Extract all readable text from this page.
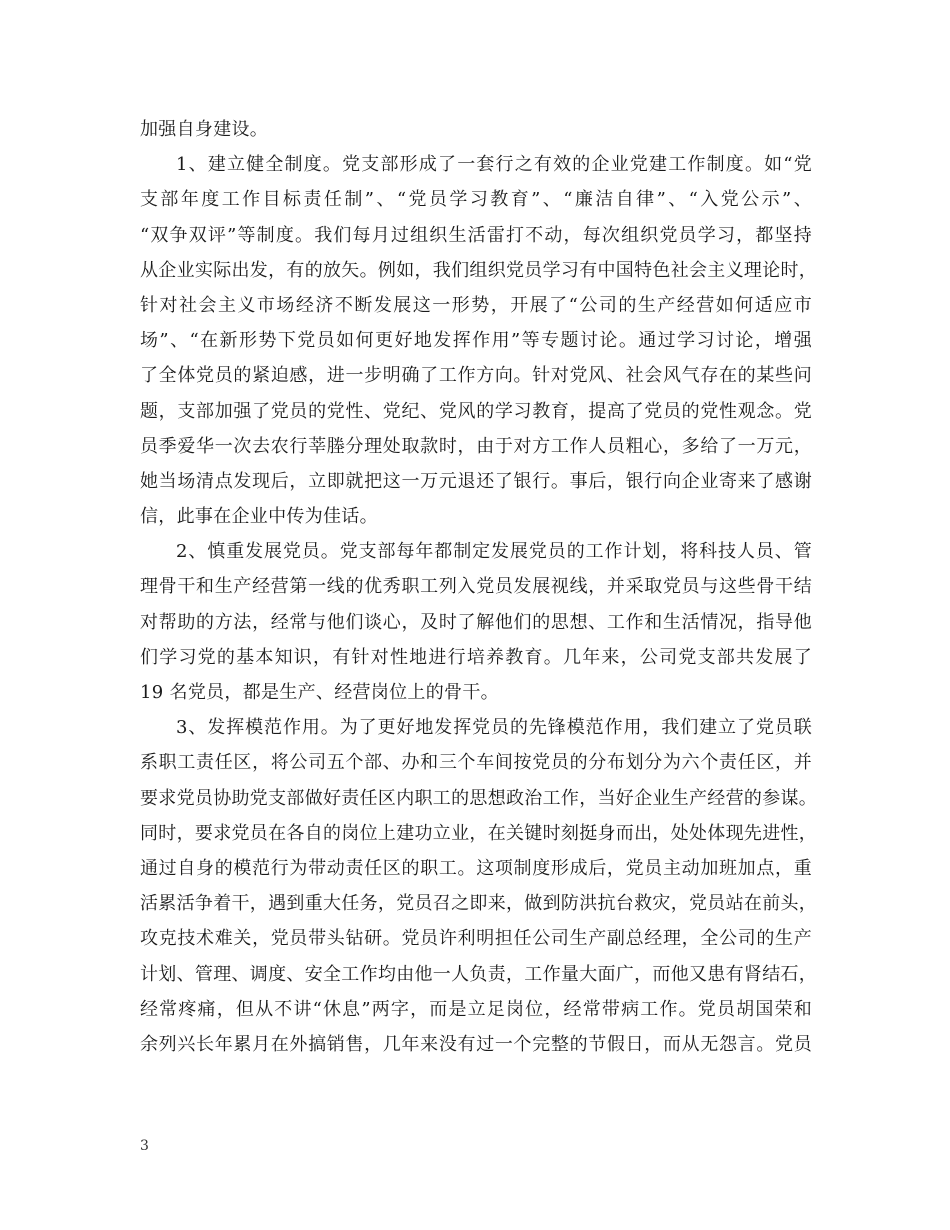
加强自身建设。
1、建立健全制度。党支部形成了一套行之有效的企业党建工作制度。如“党
支部年度工作目标责任制”、“党员学习教育”、“廉洁自律”、“入党公示”、
“双争双评”等制度。我们每月过组织生活雷打不动，每次组织党员学习，都坚持
从企业实际出发，有的放矢。例如，我们组织党员学习有中国特色社会主义理论时，
针对社会主义市场经济不断发展这一形势，开展了“公司的生产经营如何适应市
场”、“在新形势下党员如何更好地发挥作用”等专题讨论。通过学习讨论，增强
了全体党员的紧迫感，进一步明确了工作方向。针对党风、社会风气存在的某些问
题，支部加强了党员的党性、党纪、党风的学习教育，提高了党员的党性观念。党
员季爱华一次去农行莘塍分理处取款时，由于对方工作人员粗心，多给了一万元，
她当场清点发现后，立即就把这一万元退还了银行。事后，银行向企业寄来了感谢
信，此事在企业中传为佳话。
2、慎重发展党员。党支部每年都制定发展党员的工作计划，将科技人员、管
理骨干和生产经营第一线的优秀职工列入党员发展视线，并采取党员与这些骨干结
对帮助的方法，经常与他们谈心，及时了解他们的思想、工作和生活情况，指导他
们学习党的基本知识，有针对性地进行培养教育。几年来，公司党支部共发展了
19 名党员，都是生产、经营岗位上的骨干。
3、发挥模范作用。为了更好地发挥党员的先锋模范作用，我们建立了党员联
系职工责任区，将公司五个部、办和三个车间按党员的分布划分为六个责任区，并
要求党员协助党支部做好责任区内职工的思想政治工作，当好企业生产经营的参谋。
同时，要求党员在各自的岗位上建功立业，在关键时刻挺身而出，处处体现先进性，
通过自身的模范行为带动责任区的职工。这项制度形成后，党员主动加班加点，重
活累活争着干，遇到重大任务，党员召之即来，做到防洪抗台救灾，党员站在前头，
攻克技术难关，党员带头钻研。党员许利明担任公司生产副总经理，全公司的生产
计划、管理、调度、安全工作均由他一人负责，工作量大面广，而他又患有肾结石，
经常疼痛，但从不讲“休息”两字，而是立足岗位，经常带病工作。党员胡国荣和
余列兴长年累月在外搞销售，几年来没有过一个完整的节假日，而从无怨言。党员
3
